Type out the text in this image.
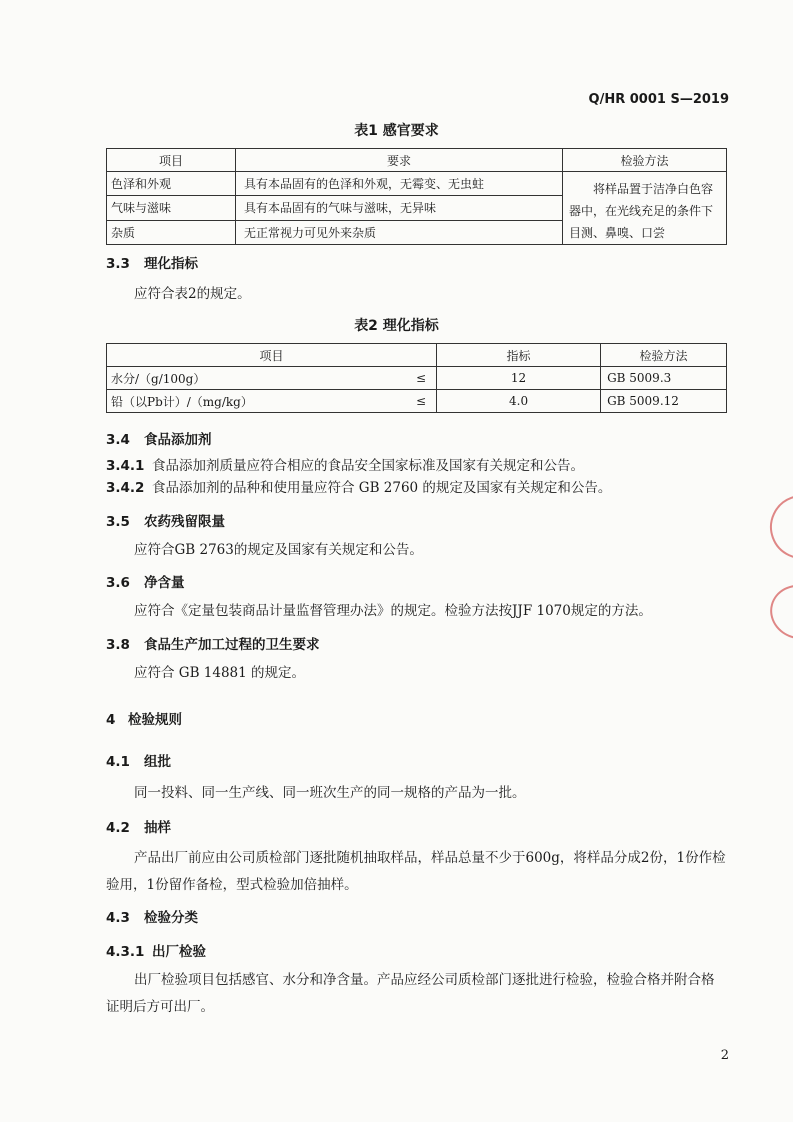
Q/HR 0001 S—2019
表1 感官要求
项目	要求	检验方法
色泽和外观	具有本品固有的色泽和外观，无霉变、无虫蛀	将样品置于洁净白色容
器中，在光线充足的条件下
目测、鼻嗅、口尝

气味与滋味	具有本品固有的气味与滋味，无异味	
杂质	无正常视力可见外来杂质	
3.3 理化指标
应符合表2的规定。
表2 理化指标
项目		指标	检验方法
水分/（g/100g）	≤	12	GB 5009.3
铅（以Pb计）/（mg/kg）	≤	4.0	GB 5009.12
3.4 食品添加剂
3.4.1 食品添加剂质量应符合相应的食品安全国家标准及国家有关规定和公告。
3.4.2 食品添加剂的品种和使用量应符合 GB 2760 的规定及国家有关规定和公告。
3.5 农药残留限量
应符合GB 2763的规定及国家有关规定和公告。
3.6 净含量
应符合《定量包装商品计量监督管理办法》的规定。检验方法按JJF 1070规定的方法。
3.8 食品生产加工过程的卫生要求
应符合 GB 14881 的规定。
4 检验规则
4.1 组批
同一投料、同一生产线、同一班次生产的同一规格的产品为一批。
4.2 抽样
产品出厂前应由公司质检部门逐批随机抽取样品，样品总量不少于600g，将样品分成2份，1份作检
验用，1份留作备检，型式检验加倍抽样。
4.3 检验分类
4.3.1 出厂检验
出厂检验项目包括感官、水分和净含量。产品应经公司质检部门逐批进行检验，检验合格并附合格
证明后方可出厂。
2
